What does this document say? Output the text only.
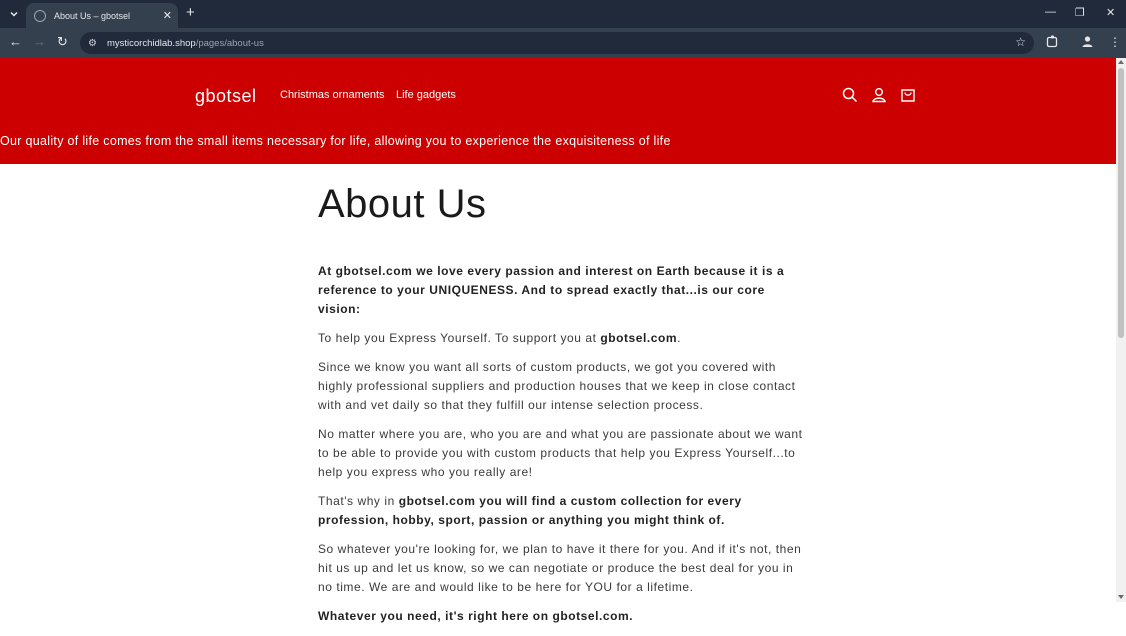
About Us – gbotsel	✕ +	— ❐ ✕
← → ↻ ⚙ mysticorchidlab.shop/pages/about-us	☆	⋮
gbotsel Christmas ornaments Life gadgets
Our quality of life comes from the small items necessary for life, allowing you to experience the exquisiteness of life
About Us

At gbotsel.com we love every passion and interest on Earth because it is a reference to your UNIQUENESS. And to spread exactly that...is our core vision:

To help you Express Yourself. To support you at gbotsel.com.

Since we know you want all sorts of custom products, we got you covered with highly professional suppliers and production houses that we keep in close contact with and vet daily so that they fulfill our intense selection process.

No matter where you are, who you are and what you are passionate about we want to be able to provide you with custom products that help you Express Yourself...to help you express who you really are!

That's why in gbotsel.com you will find a custom collection for every profession, hobby, sport, passion or anything you might think of.

So whatever you're looking for, we plan to have it there for you. And if it's not, then hit us up and let us know, so we can negotiate or produce the best deal for you in no time. We are and would like to be here for YOU for a lifetime.

Whatever you need, it's right here on gbotsel.com.
